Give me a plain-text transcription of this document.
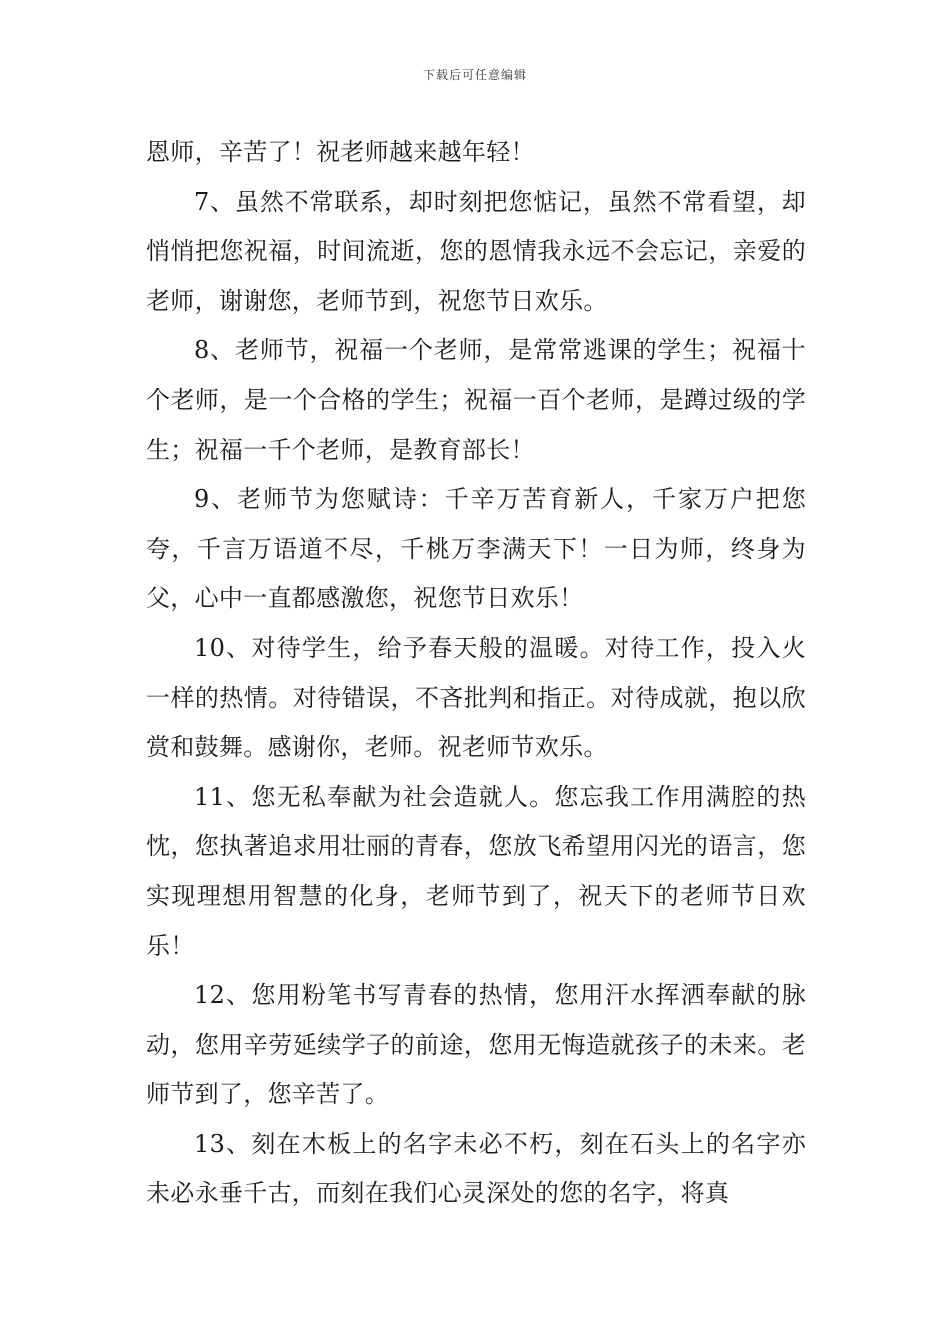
下载后可任意编辑

恩师，辛苦了！祝老师越来越年轻！

7、虽然不常联系，却时刻把您惦记，虽然不常看望，却悄悄把您祝福，时间流逝，您的恩情我永远不会忘记，亲爱的老师，谢谢您，老师节到，祝您节日欢乐。

8、老师节，祝福一个老师，是常常逃课的学生；祝福十个老师，是一个合格的学生；祝福一百个老师，是蹲过级的学生；祝福一千个老师，是教育部长！

9、老师节为您赋诗：千辛万苦育新人，千家万户把您夸，千言万语道不尽，千桃万李满天下！一日为师，终身为父，心中一直都感激您，祝您节日欢乐！

10、对待学生，给予春天般的温暖。对待工作，投入火一样的热情。对待错误，不吝批判和指正。对待成就，抱以欣赏和鼓舞。感谢你，老师。祝老师节欢乐。

11、您无私奉献为社会造就人。您忘我工作用满腔的热忱，您执著追求用壮丽的青春，您放飞希望用闪光的语言，您实现理想用智慧的化身，老师节到了，祝天下的老师节日欢乐！

12、您用粉笔书写青春的热情，您用汗水挥洒奉献的脉动，您用辛劳延续学子的前途，您用无悔造就孩子的未来。老师节到了，您辛苦了。

13、刻在木板上的名字未必不朽，刻在石头上的名字亦未必永垂千古，而刻在我们心灵深处的您的名字，将真
